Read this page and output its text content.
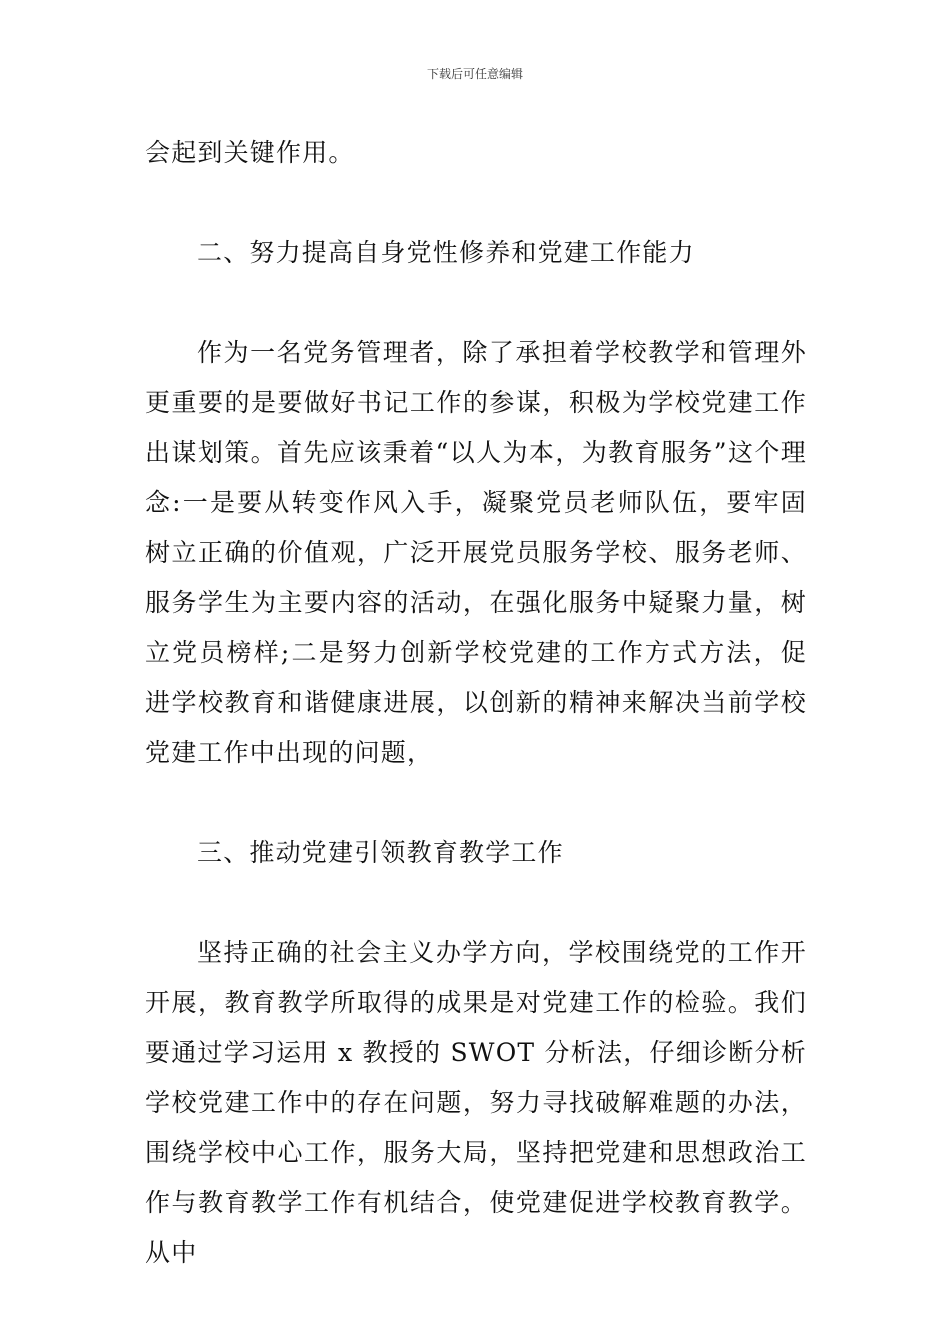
下载后可任意编辑

会起到关键作用。

二、努力提高自身党性修养和党建工作能力

作为一名党务管理者，除了承担着学校教学和管理外更重要的是要做好书记工作的参谋，积极为学校党建工作出谋划策。首先应该秉着“以人为本，为教育服务”这个理念:一是要从转变作风入手，凝聚党员老师队伍，要牢固树立正确的价值观，广泛开展党员服务学校、服务老师、服务学生为主要内容的活动，在强化服务中疑聚力量，树立党员榜样;二是努力创新学校党建的工作方式方法，促进学校教育和谐健康进展，以创新的精神来解决当前学校党建工作中出现的问题，

三、推动党建引领教育教学工作

坚持正确的社会主义办学方向，学校围绕党的工作开开展，教育教学所取得的成果是对党建工作的检验。我们要通过学习运用 x 教授的 SWOT 分析法，仔细诊断分析学校党建工作中的存在问题，努力寻找破解难题的办法，围绕学校中心工作，服务大局，坚持把党建和思想政治工作与教育教学工作有机结合，使党建促进学校教育教学。从中
